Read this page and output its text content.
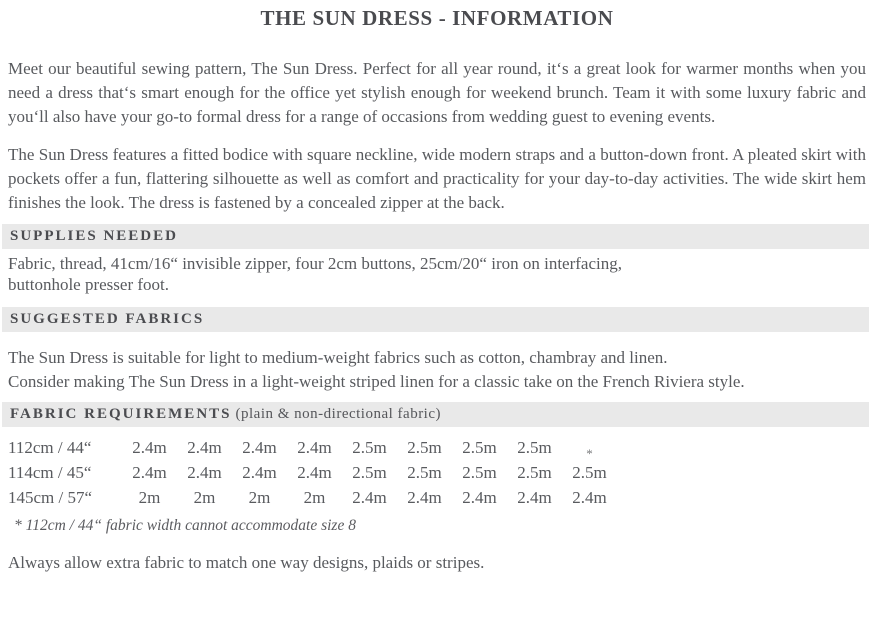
THE SUN DRESS - INFORMATION

Meet our beautiful sewing pattern, The Sun Dress. Perfect for all year round, it‘s a great look for warmer months when you need a dress that‘s smart enough for the office yet stylish enough for weekend brunch. Team it with some luxury fabric and you‘ll also have your go-to formal dress for a range of occasions from wedding guest to evening events.

The Sun Dress features a fitted bodice with square neckline, wide modern straps and a button-down front. A pleated skirt with pockets offer a fun, flattering silhouette as well as comfort and practicality for your day-to-day activities. The wide skirt hem finishes the look. The dress is fastened by a concealed zipper at the back.

SUPPLIES NEEDED
Fabric, thread, 41cm/16“ invisible zipper, four 2cm buttons, 25cm/20“ iron on interfacing,
buttonhole presser foot.
SUGGESTED FABRICS
The Sun Dress is suitable for light to medium-weight fabrics such as cotton, chambray and linen.
Consider making The Sun Dress in a light-weight striped linen for a classic take on the French Riviera style.
FABRIC REQUIREMENTS (plain & non-directional fabric)
112cm / 44“	2.4m	2.4m	2.4m	2.4m	2.5m	2.5m	2.5m	2.5m	*
114cm / 45“	2.4m	2.4m	2.4m	2.4m	2.5m	2.5m	2.5m	2.5m	2.5m
145cm / 57“	2m	2m	2m	2m	2.4m	2.4m	2.4m	2.4m	2.4m
* 112cm / 44“ fabric width cannot accommodate size 8

Always allow extra fabric to match one way designs, plaids or stripes.
